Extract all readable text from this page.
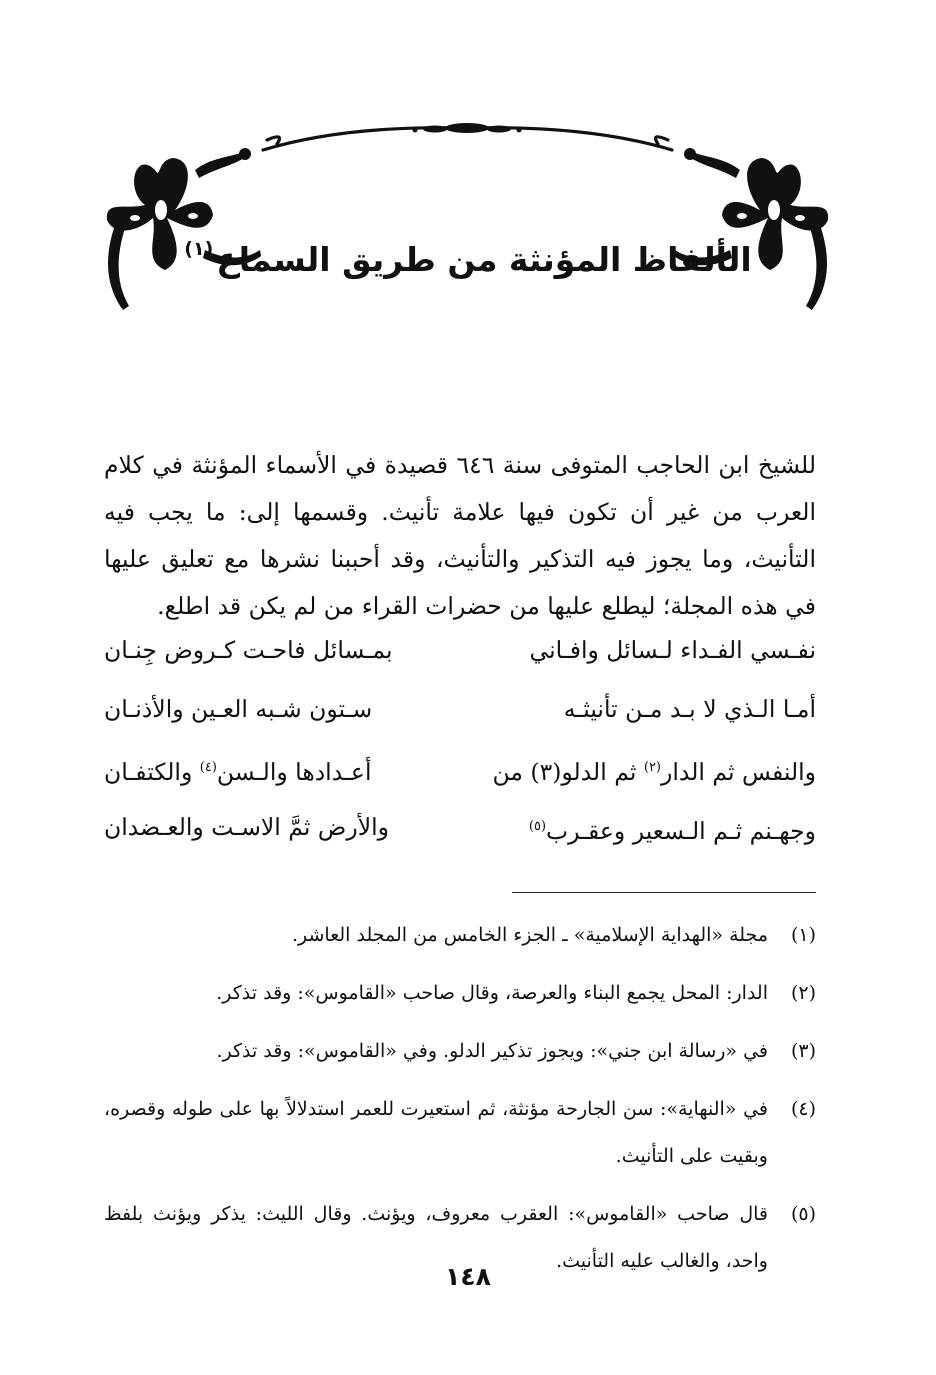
الألفاظ المؤنثة من طريق السماع$^{(١)}$

للشيخ ابن الحاجب المتوفى سنة ٦٤٦ قصيدة في الأسماء المؤنثة في كلام العرب من غير أن تكون فيها علامة تأنيث. وقسمها إلى: ما يجب فيه التأنيث، وما يجوز فيه التذكير والتأنيث، وقد أحببنا نشرها مع تعليق عليها في هذه المجلة؛ ليطلع عليها من حضرات القراء من لم يكن قد اطلع.

نفـسي الفـداء لـسائل وافـاني
بمـسائل فاحـت كـروض جِنـان
أمـا الـذي لا بـد مـن تأنيثـه
سـتون شـبه العـين والأذنـان
والنفس ثم الدار$^{(٢)}$ ثم الدلو(٣) من
أعـدادها والـسن$^{(٤)}$ والكتفـان
وجهـنم ثـم الـسعير وعقـرب$^{(٥)}$
والأرض ثمَّ الاسـت والعـضدان
(١)
مجلة «الهداية الإسلامية» ـ الجزء الخامس من المجلد العاشر.
(٢)
الدار: المحل يجمع البناء والعرصة، وقال صاحب «القاموس»: وقد تذكر.
(٣)
في «رسالة ابن جني»: ويجوز تذكير الدلو. وفي «القاموس»: وقد تذكر.
(٤)
في «النهاية»: سن الجارحة مؤنثة، ثم استعيرت للعمر استدلالاً بها على طوله وقصره، وبقيت على التأنيث.
(٥)
قال صاحب «القاموس»: العقرب معروف، ويؤنث. وقال الليث: يذكر ويؤنث بلفظ واحد، والغالب عليه التأنيث.
١٤٨
